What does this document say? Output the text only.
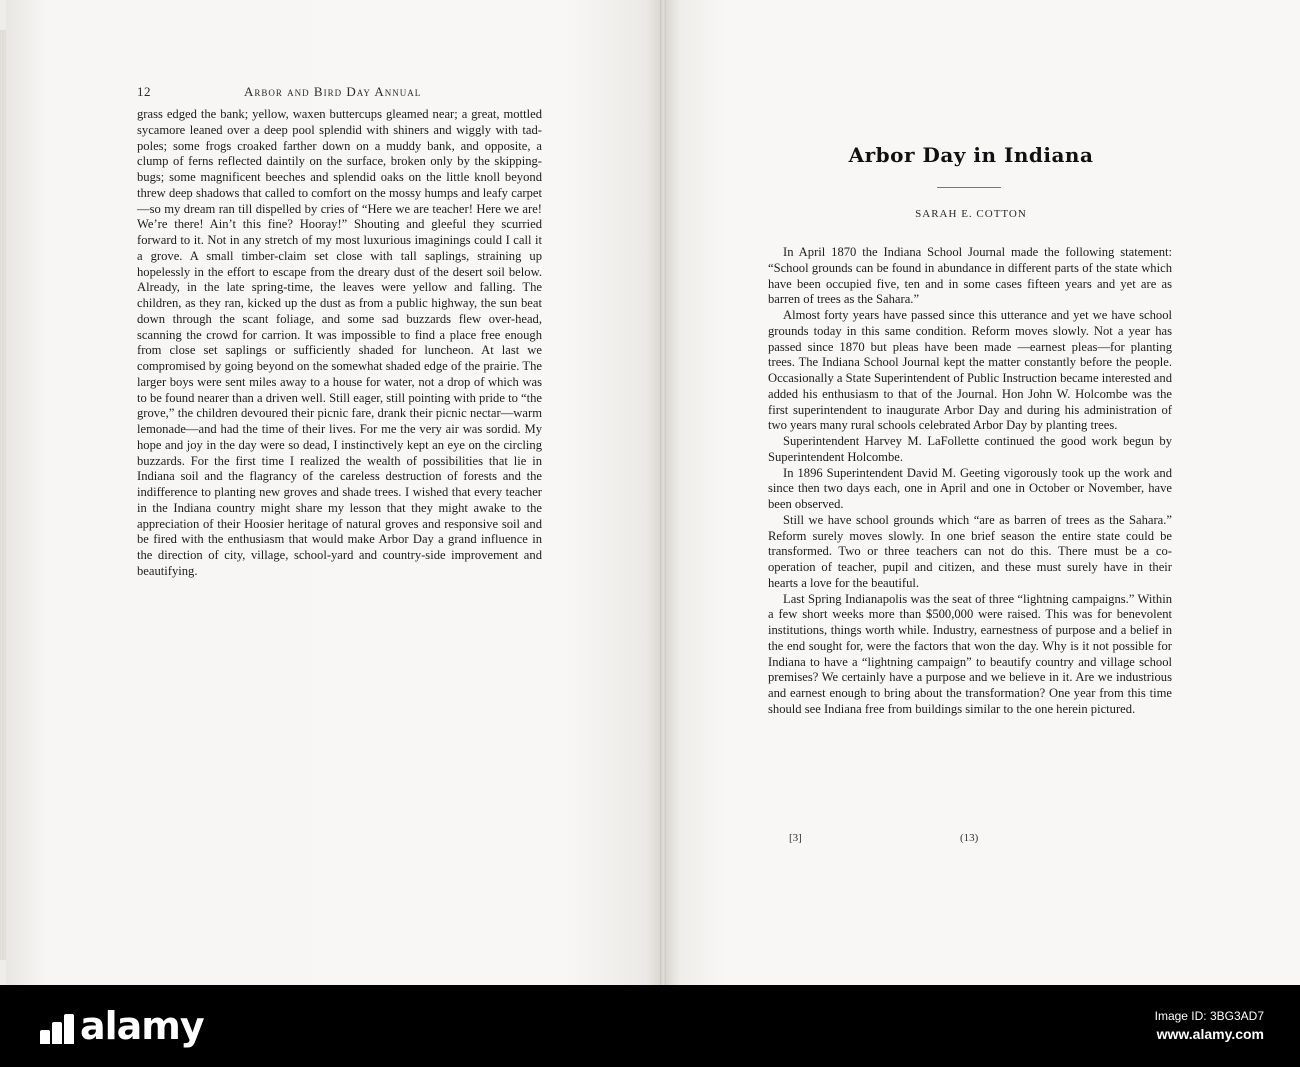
12	Arbor and Bird Day Annual

grass edged the bank; yellow, waxen buttercups gleamed near; a great, mottled sycamore leaned over a deep pool splendid with shiners and wiggly with tad-poles; some frogs croaked farther down on a muddy bank, and opposite, a clump of ferns reflected daintily on the surface, broken only by the skipping-bugs; some magnificent beeches and splendid oaks on the little knoll beyond threw deep shadows that called to comfort on the mossy humps and leafy carpet —so my dream ran till dispelled by cries of “Here we are teacher! Here we are! We’re there! Ain’t this fine? Hooray!” Shouting and gleeful they scurried forward to it. Not in any stretch of my most luxurious imaginings could I call it a grove. A small timber-claim set close with tall saplings, straining up hopelessly in the effort to escape from the dreary dust of the desert soil below. Already, in the late spring-time, the leaves were yellow and falling. The children, as they ran, kicked up the dust as from a public highway, the sun beat down through the scant foliage, and some sad buzzards flew over-head, scanning the crowd for carrion. It was impossible to find a place free enough from close set saplings or sufficiently shaded for luncheon. At last we compromised by going beyond on the somewhat shaded edge of the prairie. The larger boys were sent miles away to a house for water, not a drop of which was to be found nearer than a driven well. Still eager, still pointing with pride to “the grove,” the children devoured their picnic fare, drank their picnic nectar—warm lemonade—and had the time of their lives. For me the very air was sordid. My hope and joy in the day were so dead, I instinctively kept an eye on the circling buzzards. For the first time I realized the wealth of possibilities that lie in Indiana soil and the flagrancy of the careless destruction of forests and the indifference to planting new groves and shade trees. I wished that every teacher in the Indiana country might share my lesson that they might awake to the appreciation of their Hoosier heritage of natural groves and responsive soil and be fired with the enthusiasm that would make Arbor Day a grand influence in the direction of city, village, school-yard and country-side improvement and beautifying.

Arbor Day in Indiana
SARAH E. COTTON

In April 1870 the Indiana School Journal made the following statement: “School grounds can be found in abundance in different parts of the state which have been occupied five, ten and in some cases fifteen years and yet are as barren of trees as the Sahara.”

Almost forty years have passed since this utterance and yet we have school grounds today in this same condition. Reform moves slowly. Not a year has passed since 1870 but pleas have been made —earnest pleas—for planting trees. The Indiana School Journal kept the matter constantly before the people. Occasionally a State Superintendent of Public Instruction became interested and added his enthusiasm to that of the Journal. Hon John W. Holcombe was the first superintendent to inaugurate Arbor Day and during his administration of two years many rural schools celebrated Arbor Day by planting trees.

Superintendent Harvey M. LaFollette continued the good work begun by Superintendent Holcombe.

In 1896 Superintendent David M. Geeting vigorously took up the work and since then two days each, one in April and one in October or November, have been observed.

Still we have school grounds which “are as barren of trees as the Sahara.” Reform surely moves slowly. In one brief season the entire state could be transformed. Two or three teachers can not do this. There must be a co-operation of teacher, pupil and citizen, and these must surely have in their hearts a love for the beautiful.

Last Spring Indianapolis was the seat of three “lightning campaigns.” Within a few short weeks more than $500,000 were raised. This was for benevolent institutions, things worth while. Industry, earnestness of purpose and a belief in the end sought for, were the factors that won the day. Why is it not possible for Indiana to have a “lightning campaign” to beautify country and village school premises? We certainly have a purpose and we believe in it. Are we industrious and earnest enough to bring about the transformation? One year from this time should see Indiana free from buildings similar to the one herein pictured.

[3]	(13)
alamy	Image ID: 3BG3AD7
www.alamy.com
